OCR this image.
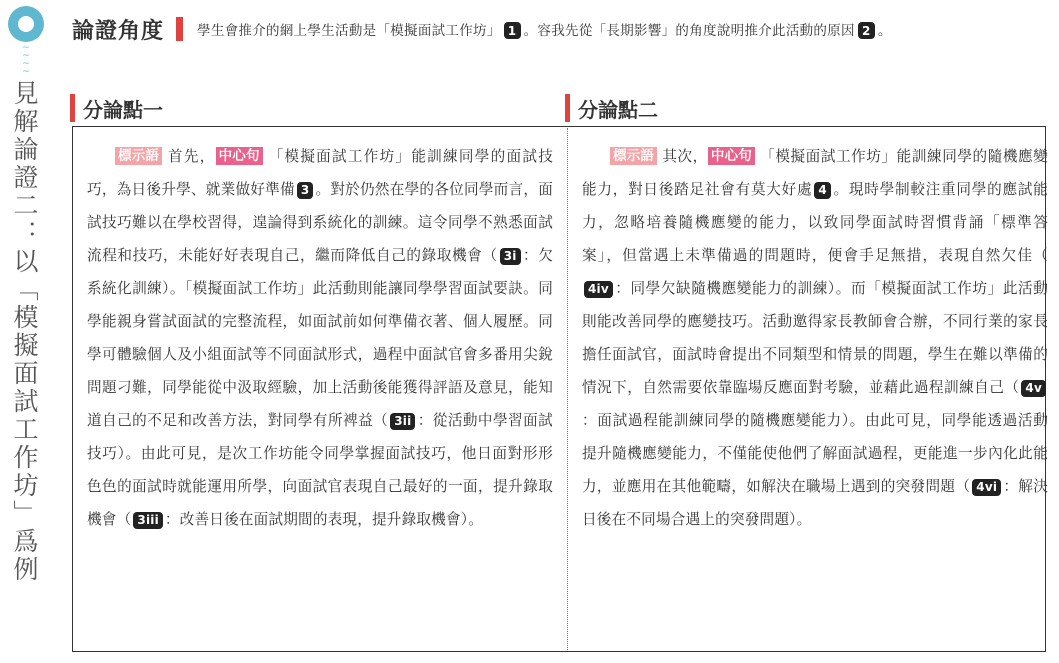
~
~
~
~
見解論證二：以「模擬面試工作坊」爲例
論證角度 學生會推介的網上學生活動是「模擬面試工作坊」 1 。容我先從「長期影響」的角度說明推介此活動的原因 2 。
分論點一	分論點二
標示語 首先， 中心句 「模擬面試工作坊」能訓練同學的面試技巧，為日後升學、就業做好準備 3 。對於仍然在學的各位同學而言，面試技巧難以在學校習得，遑論得到系統化的訓練。這令同學不熟悉面試流程和技巧，未能好好表現自己，繼而降低自己的錄取機會（ 3i ：欠系統化訓練）。「模擬面試工作坊」此活動則能讓同學學習面試要訣。同學能親身嘗試面試的完整流程，如面試前如何準備衣著、個人履歷。同學可體驗個人及小組面試等不同面試形式，過程中面試官會多番用尖銳問題刁難，同學能從中汲取經驗，加上活動後能獲得評語及意見，能知道自己的不足和改善方法，對同學有所裨益（ 3ii ：從活動中學習面試技巧）。由此可見，是次工作坊能令同學掌握面試技巧，他日面對形形色色的面試時就能運用所學，向面試官表現自己最好的一面，提升錄取機會（ 3iii ：改善日後在面試期間的表現，提升錄取機會）。
標示語 其次， 中心句 「模擬面試工作坊」能訓練同學的隨機應變能力，對日後踏足社會有莫大好處 4 。現時學制較注重同學的應試能力，忽略培養隨機應變的能力，以致同學面試時習慣背誦「標準答案」，但當遇上未準備過的問題時，便會手足無措，表現自然欠佳（4iv ：同學欠缺隨機應變能力的訓練）。而「模擬面試工作坊」此活動則能改善同學的應變技巧。活動邀得家長教師會合辦，不同行業的家長擔任面試官，面試時會提出不同類型和情景的問題，學生在難以準備的情況下，自然需要依靠臨場反應面對考驗，並藉此過程訓練自己（ 4v：面試過程能訓練同學的隨機應變能力）。由此可見，同學能透過活動提升隨機應變能力，不僅能使他們了解面試過程，更能進一步內化此能力，並應用在其他範疇，如解決在職場上遇到的突發問題（ 4vi ：解決日後在不同場合遇上的突發問題）。
